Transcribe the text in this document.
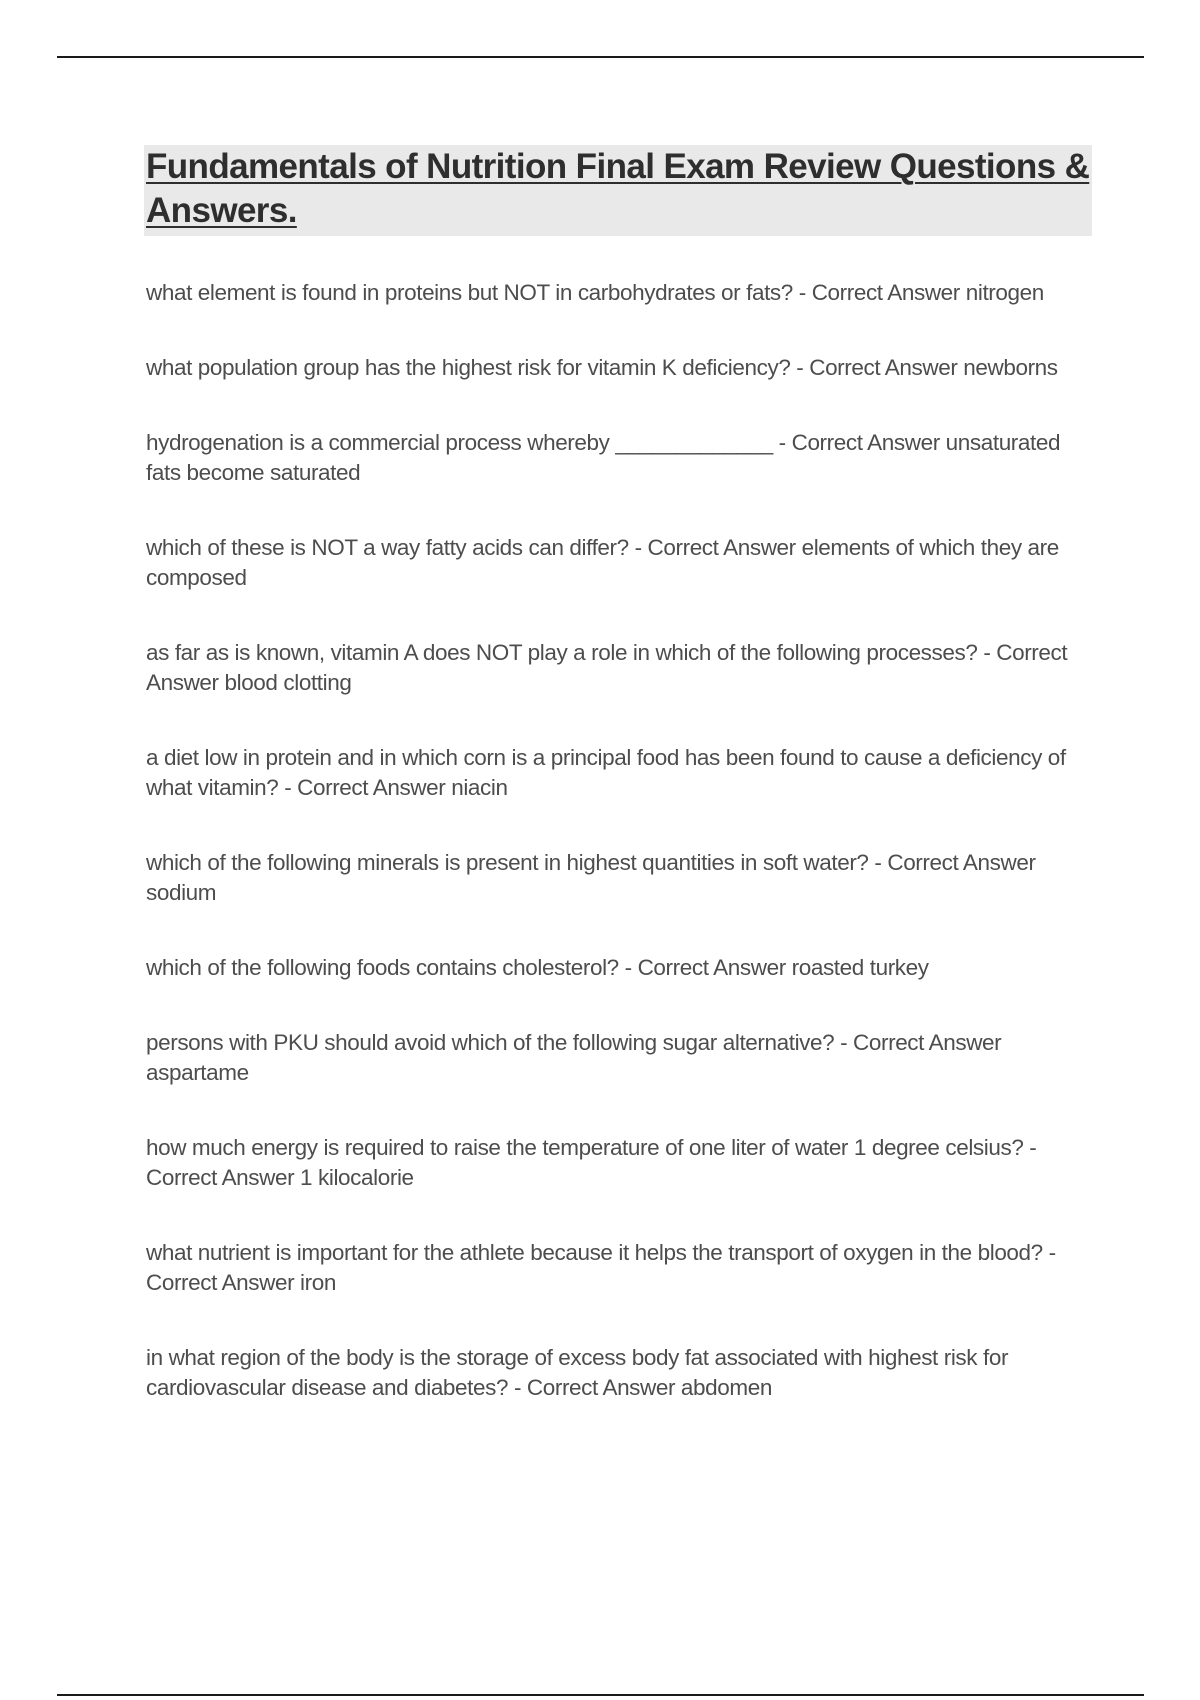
Fundamentals of Nutrition Final Exam Review Questions & Answers.

what element is found in proteins but NOT in carbohydrates or fats? - Correct Answer nitrogen

what population group has the highest risk for vitamin K deficiency? - Correct Answer newborns

hydrogenation is a commercial process whereby _____________ - Correct Answer unsaturated fats become saturated

which of these is NOT a way fatty acids can differ? - Correct Answer elements of which they are composed

as far as is known, vitamin A does NOT play a role in which of the following processes? - Correct Answer blood clotting

a diet low in protein and in which corn is a principal food has been found to cause a deficiency of what vitamin? - Correct Answer niacin

which of the following minerals is present in highest quantities in soft water? - Correct Answer sodium

which of the following foods contains cholesterol? - Correct Answer roasted turkey

persons with PKU should avoid which of the following sugar alternative? - Correct Answer aspartame

how much energy is required to raise the temperature of one liter of water 1 degree celsius? - Correct Answer 1 kilocalorie

what nutrient is important for the athlete because it helps the transport of oxygen in the blood? - Correct Answer iron

in what region of the body is the storage of excess body fat associated with highest risk for cardiovascular disease and diabetes? - Correct Answer abdomen
